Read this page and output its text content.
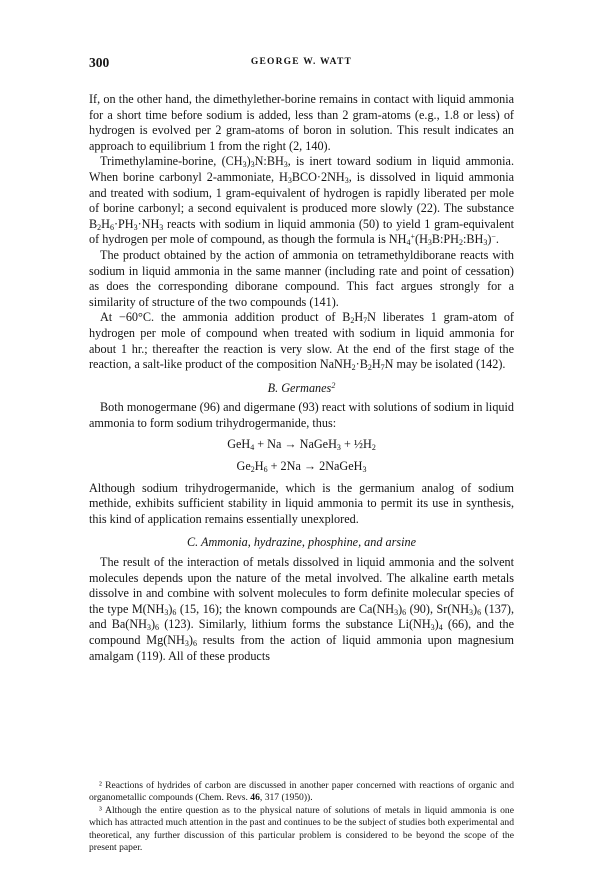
300	GEORGE W. WATT

If, on the other hand, the dimethylether-borine remains in contact with liquid ammonia for a short time before sodium is added, less than 2 gram-atoms (e.g., 1.8 or less) of hydrogen is evolved per 2 gram-atoms of boron in solution. This result indicates an approach to equilibrium 1 from the right (2, 140).

Trimethylamine-borine, $(CH_3)_3N:BH_3$, is inert toward sodium in liquid ammonia. When borine carbonyl 2-ammoniate, $H_3BCO\cdot 2NH_3$, is dissolved in liquid ammonia and treated with sodium, 1 gram-equivalent of hydrogen is rapidly liberated per mole of borine carbonyl; a second equivalent is produced more slowly (22). The substance $B_2H_6\cdot PH_3\cdot NH_3$ reacts with sodium in liquid ammonia (50) to yield 1 gram-equivalent of hydrogen per mole of compound, as though the formula is $NH_4^+(H_3B:PH_2:BH_3)^-$.

The product obtained by the action of ammonia on tetramethyldiborane reacts with sodium in liquid ammonia in the same manner (including rate and point of cessation) as does the corresponding diborane compound. This fact argues strongly for a similarity of structure of the two compounds (141).

At −60°C. the ammonia addition product of $B_2H_7N$ liberates 1 gram-atom of hydrogen per mole of compound when treated with sodium in liquid ammonia for about 1 hr.; thereafter the reaction is very slow. At the end of the first stage of the reaction, a salt-like product of the composition $NaNH_2\cdot B_2H_7N$ may be isolated (142).

B. Germanes$^2$

Both monogermane (96) and digermane (93) react with solutions of sodium in liquid ammonia to form sodium trihydrogermanide, thus:

GeH$_4$ + Na → NaGeH$_3$ + $\frac{1}{2}H_2$
$Ge_2H_6 + 2Na$ → 2NaGeH$_3$

Although sodium trihydrogermanide, which is the germanium analog of sodium methide, exhibits sufficient stability in liquid ammonia to permit its use in synthesis, this kind of application remains essentially unexplored.

C. Ammonia, hydrazine, phosphine, and arsine

The result of the interaction of metals dissolved in liquid ammonia and the solvent molecules depends upon the nature of the metal involved. The alkaline earth metals dissolve in and combine with solvent molecules to form definite molecular species of the type $M(NH_3)_6$ (15, 16); the known compounds are $Ca(NH_3)_6$ (90), $Sr(NH_3)_6$ (137), and $Ba(NH_3)_6$ (123). Similarly, lithium forms the substance $Li(NH_3)_4$ (66), and the compound $Mg(NH_3)_6$ results from the action of liquid ammonia upon magnesium amalgam (119). All of these products

² Reactions of hydrides of carbon are discussed in another paper concerned with reactions of organic and organometallic compounds (Chem. Revs. 46, 317 (1950)).

³ Although the entire question as to the physical nature of solutions of metals in liquid ammonia is one which has attracted much attention in the past and continues to be the subject of studies both experimental and theoretical, any further discussion of this particular problem is considered to be beyond the scope of the present paper.
